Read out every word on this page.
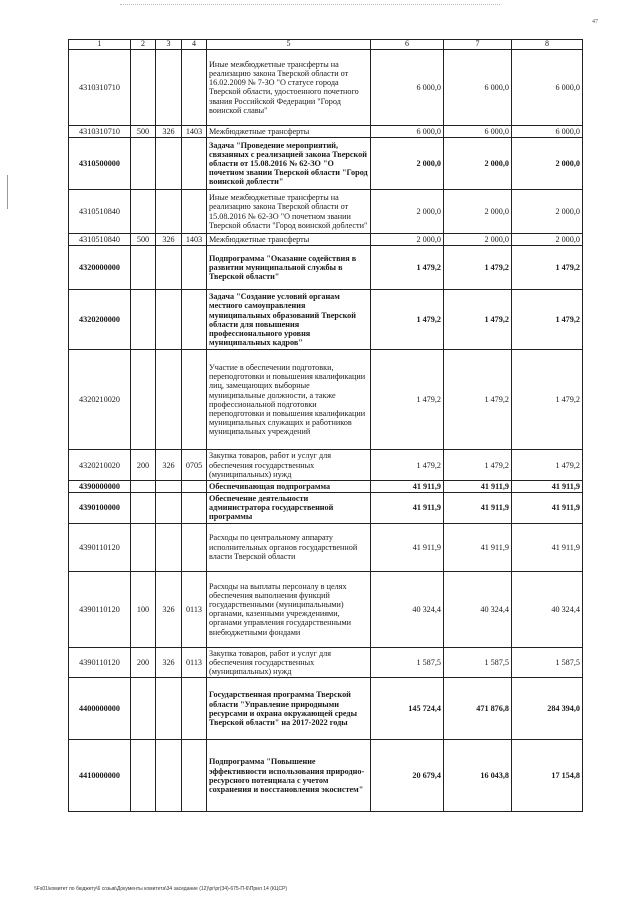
47
1	2	3	4	5	6	7	8
4310310710				Иные межбюджетные трансферты на реализацию закона Тверской области от 16.02.2009 № 7-ЗО "О статусе города Тверской области, удостоенного почетного звания Российской Федерации "Город воинской славы"	6 000,0	6 000,0	6 000,0
4310310710	500	326	1403	Межбюджетные трансферты	6 000,0	6 000,0	6 000,0
4310500000				Задача "Проведение мероприятий, связанных с реализацией закона Тверской области от 15.08.2016 № 62-ЗО "О почетном звании Тверской области "Город воинской доблести"	2 000,0	2 000,0	2 000,0
4310510840				Иные межбюджетные трансферты на реализацию закона Тверской области от 15.08.2016 № 62-ЗО "О почетном звании Тверской области "Город воинской доблести"	2 000,0	2 000,0	2 000,0
4310510840	500	326	1403	Межбюджетные трансферты	2 000,0	2 000,0	2 000,0
4320000000				Подпрограмма "Оказание содействия в развитии муниципальной службы в Тверской области"	1 479,2	1 479,2	1 479,2
4320200000				Задача "Создание условий органам местного самоуправления муниципальных образований Тверской области для повышения профессионального уровня муниципальных кадров"	1 479,2	1 479,2	1 479,2
4320210020				Участие в обеспечении подготовки, переподготовки и повышения квалификации лиц, замещающих выборные муниципальные должности, а также профессиональной подготовки переподготовки и повышения квалификации муниципальных служащих и работников муниципальных учреждений	1 479,2	1 479,2	1 479,2
4320210020	200	326	0705	Закупка товаров, работ и услуг для обеспечения государственных (муниципальных) нужд	1 479,2	1 479,2	1 479,2
4390000000				Обеспечивающая подпрограмма	41 911,9	41 911,9	41 911,9
4390100000				Обеспечение деятельности администратора государственной программы	41 911,9	41 911,9	41 911,9
4390110120				Расходы по центральному аппарату исполнительных органов государственной власти Тверской области	41 911,9	41 911,9	41 911,9
4390110120	100	326	0113	Расходы на выплаты персоналу в целях обеспечения выполнения функций государственными (муниципальными) органами, казенными учреждениями, органами управления государственными внебюджетными фондами	40 324,4	40 324,4	40 324,4
4390110120	200	326	0113	Закупка товаров, работ и услуг для обеспечения государственных (муниципальных) нужд	1 587,5	1 587,5	1 587,5
4400000000				Государственная программа Тверской области "Управление природными ресурсами и охрана окружающей среды Тверской области" на 2017-2022 годы	145 724,4	471 876,8	284 394,0
4410000000				Подпрограмма "Повышение эффективности использования природно-ресурсного потенциала с учетом сохранения и восстановления экосистем"	20 679,4	16 043,8	17 154,8
\\Fs01\комитет по бюджету\6 созыв\Документы комитета\34 заседание (12)\pr\pr(34)-675-П-6\Прил 14 (КЦСР)
